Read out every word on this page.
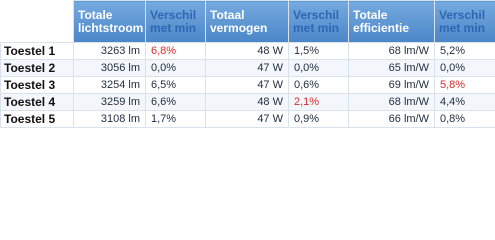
	Totale lichtstroom	Verschil met min	Totaal vermogen	Verschil met min	Totale efficientie	Verschil met min
Toestel 1	3263 lm	6,8%	48 W	1,5%	68 lm/W	5,2%
Toestel 2	3056 lm	0,0%	47 W	0,0%	65 lm/W	0,0%
Toestel 3	3254 lm	6,5%	47 W	0,6%	69 lm/W	5,8%
Toestel 4	3259 lm	6,6%	48 W	2,1%	68 lm/W	4,4%
Toestel 5	3108 lm	1,7%	47 W	0,9%	66 lm/W	0,8%
